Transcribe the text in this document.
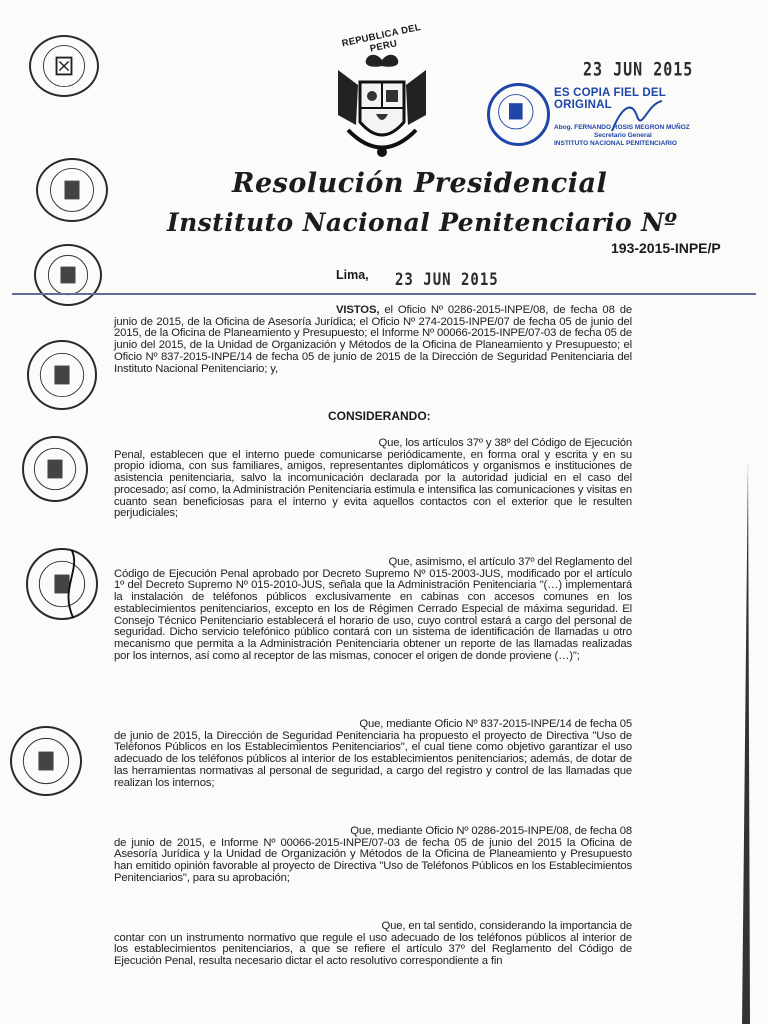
REPUBLICA DEL PERU
23 JUN 2015
ES COPIA FIEL DEL ORIGINAL
Abog. FERNANDO ROSIS MEGRON MUÑOZ
Secretario General
INSTITUTO NACIONAL PENITENCIARIO
Resolución Presidencial
Instituto Nacional Penitenciario Nº
193-2015-INPE/P
Lima, 23 JUN 2015
VISTOS, el Oficio Nº 0286-2015-INPE/08, de fecha 08 de junio de 2015, de la Oficina de Asesoría Jurídica; el Oficio Nº 274-2015-INPE/07 de fecha 05 de junio del 2015, de la Oficina de Planeamiento y Presupuesto; el Informe Nº 00066-2015-INPE/07-03 de fecha 05 de junio del 2015, de la Unidad de Organización y Métodos de la Oficina de Planeamiento y Presupuesto; el Oficio Nº 837-2015-INPE/14 de fecha 05 de junio de 2015 de la Dirección de Seguridad Penitenciaria del Instituto Nacional Penitenciario; y,
CONSIDERANDO:
Que, los artículos 37º y 38º del Código de Ejecución
Penal, establecen que el interno puede comunicarse periódicamente, en forma oral y escrita y en su propio idioma, con sus familiares, amigos, representantes diplomáticos y organismos e instituciones de asistencia penitenciaria, salvo la incomunicación declarada por la autoridad judicial en el caso del procesado; así como, la Administración Penitenciaria estimula e intensifica las comunicaciones y visitas en cuanto sean beneficiosas para el interno y evita aquellos contactos con el exterior que le resulten perjudiciales;
Que, asimismo, el artículo 37º del Reglamento del
Código de Ejecución Penal aprobado por Decreto Supremo Nº 015-2003-JUS, modificado por el artículo 1º del Decreto Supremo Nº 015-2010-JUS, señala que la Administración Penitenciaria "(…) implementará la instalación de teléfonos públicos exclusivamente en cabinas con accesos comunes en los establecimientos penitenciarios, excepto en los de Régimen Cerrado Especial de máxima seguridad. El Consejo Técnico Penitenciario establecerá el horario de uso, cuyo control estará a cargo del personal de seguridad. Dicho servicio telefónico público contará con un sistema de identificación de llamadas u otro mecanismo que permita a la Administración Penitenciaria obtener un reporte de las llamadas realizadas por los internos, así como al receptor de las mismas, conocer el origen de donde proviene (…)";
Que, mediante Oficio Nº 837-2015-INPE/14 de fecha 05
de junio de 2015, la Dirección de Seguridad Penitenciaria ha propuesto el proyecto de Directiva "Uso de Teléfonos Públicos en los Establecimientos Penitenciarios", el cual tiene como objetivo garantizar el uso adecuado de los teléfonos públicos al interior de los establecimientos penitenciarios; además, de dotar de las herramientas normativas al personal de seguridad, a cargo del registro y control de las llamadas que realizan los internos;
Que, mediante Oficio Nº 0286-2015-INPE/08, de fecha 08
de junio de 2015, e Informe Nº 00066-2015-INPE/07-03 de fecha 05 de junio del 2015 la Oficina de Asesoría Jurídica y la Unidad de Organización y Métodos de la Oficina de Planeamiento y Presupuesto han emitido opinión favorable al proyecto de Directiva "Uso de Teléfonos Públicos en los Establecimientos Penitenciarios", para su aprobación;
Que, en tal sentido, considerando la importancia de
contar con un instrumento normativo que regule el uso adecuado de los teléfonos públicos al interior de los establecimientos penitenciarios, a que se refiere el artículo 37º del Reglamento del Código de Ejecución Penal, resulta necesario dictar el acto resolutivo correspondiente a fin
